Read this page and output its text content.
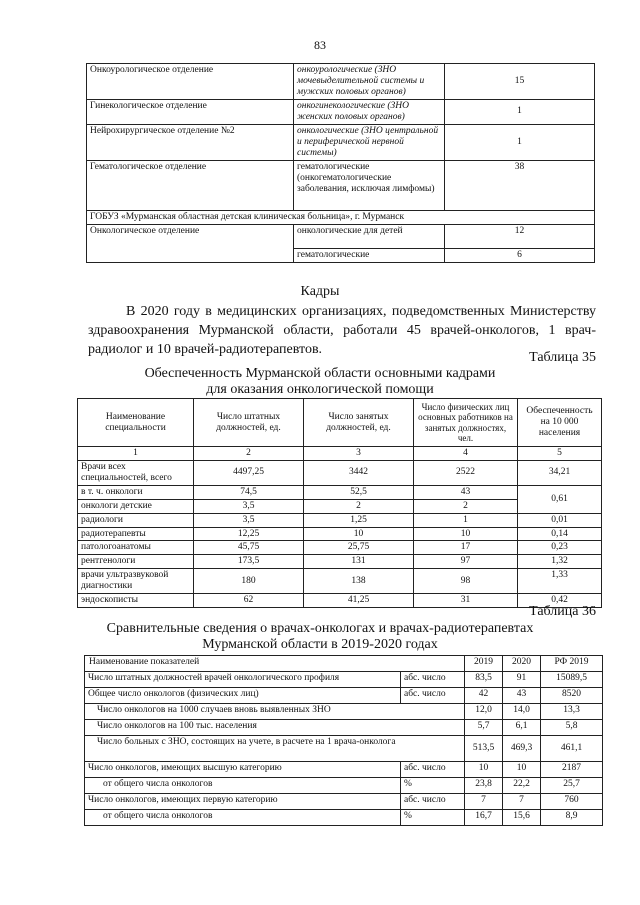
83
Онкоурологическое отделение	онкоурологические (ЗНО мочевыделительной системы и мужских половых органов)	15
Гинекологическое отделение	онкогинекологические (ЗНО женских половых органов)	1
Нейрохирургическое отделение №2	онкологические (ЗНО центральной и периферической нервной системы)	1
Гематологическое отделение	гематологические (онкогематологические заболевания, исключая лимфомы)	38
ГОБУЗ «Мурманская областная детская клиническая больница», г. Мурманск		
Онкологическое отделение	онкологические для детей	12
	гематологические	6
Кадры

В 2020 году в медицинских организациях, подведомственных Министерству здравоохранения Мурманской области, работали 45 врачей-онкологов, 1 врач-радиолог и 10 врачей-радиотерапевтов.

Таблица 35
Обеспеченность Мурманской области основными кадрами
для оказания онкологической помощи
Наименование специальности	Число штатных должностей, ед.	Число занятых должностей, ед.	Число физических лиц основных работников на занятых должностях, чел.	Обеспеченность на 10 000 населения
1	2	3	4	5
Врачи всех специальностей, всего	4497,25	3442	2522	34,21
в т. ч. онкологи	74,5	52,5	43	0,61
онкологи детские	3,5	2	2	
радиологи	3,5	1,25	1	0,01
радиотерапевты	12,25	10	10	0,14
патологоанатомы	45,75	25,75	17	0,23
рентгенологи	173,5	131	97	1,32
врачи ультразвуковой диагностики	180	138	98	1,33
эндоскописты	62	41,25	31	0,42
Таблица 36
Сравнительные сведения о врачах-онкологах и врачах-радиотерапевтах
Мурманской области в 2019-2020 годах
Наименование показателей		2019	2020	РФ 2019
Число штатных должностей врачей онкологического профиля	абс. число	83,5	91	15089,5
Общее число онкологов (физических лиц)	абс. число	42	43	8520
Число онкологов на 1000 случаев вновь выявленных ЗНО		12,0	14,0	13,3
Число онкологов на 100 тыс. населения		5,7	6,1	5,8
Число больных с ЗНО, состоящих на учете, в расчете на 1 врача-онколога		513,5	469,3	461,1
Число онкологов, имеющих высшую категорию	абс. число	10	10	2187
от общего числа онкологов	%	23,8	22,2	25,7
Число онкологов, имеющих первую категорию	абс. число	7	7	760
от общего числа онкологов	%	16,7	15,6	8,9
